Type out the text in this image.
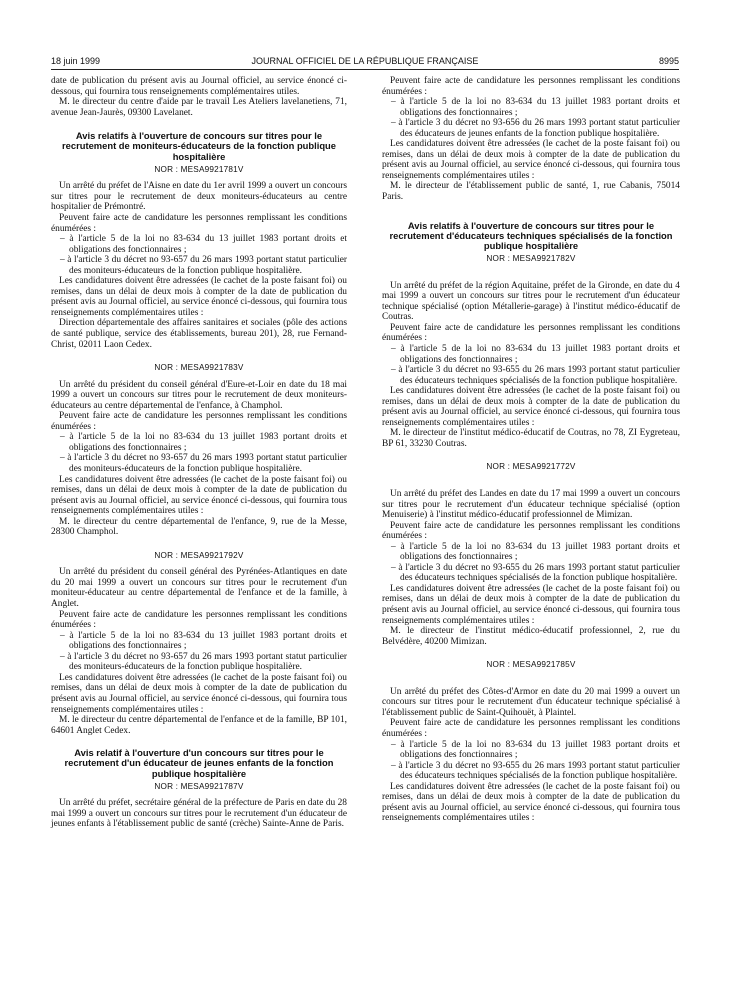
18 juin 1999	JOURNAL OFFICIEL DE LA RÉPUBLIQUE FRANÇAISE	8995

date de publication du présent avis au Journal officiel, au service énoncé ci-dessous, qui fournira tous renseignements complémentaires utiles.

M. le directeur du centre d'aide par le travail Les Ateliers lavelanetiens, 71, avenue Jean-Jaurès, 09300 Lavelanet.

Avis relatifs à l'ouverture de concours sur titres pour le recrutement de moniteurs-éducateurs de la fonction publique hospitalière
NOR : MESA9921781V

Un arrêté du préfet de l'Aisne en date du 1er avril 1999 a ouvert un concours sur titres pour le recrutement de deux moniteurs-éducateurs au centre hospitalier de Prémontré.

Peuvent faire acte de candidature les personnes remplissant les conditions énumérées :

– à l'article 5 de la loi no 83-634 du 13 juillet 1983 portant droits et obligations des fonctionnaires ;

– à l'article 3 du décret no 93-657 du 26 mars 1993 portant statut particulier des moniteurs-éducateurs de la fonction publique hospitalière.

Les candidatures doivent être adressées (le cachet de la poste faisant foi) ou remises, dans un délai de deux mois à compter de la date de publication du présent avis au Journal officiel, au service énoncé ci-dessous, qui fournira tous renseignements complémentaires utiles :

Direction départementale des affaires sanitaires et sociales (pôle des actions de santé publique, service des établissements, bureau 201), 28, rue Fernand-Christ, 02011 Laon Cedex.

NOR : MESA9921783V

Un arrêté du président du conseil général d'Eure-et-Loir en date du 18 mai 1999 a ouvert un concours sur titres pour le recrutement de deux moniteurs-éducateurs au centre départemental de l'enfance, à Champhol.

Peuvent faire acte de candidature les personnes remplissant les conditions énumérées :

– à l'article 5 de la loi no 83-634 du 13 juillet 1983 portant droits et obligations des fonctionnaires ;

– à l'article 3 du décret no 93-657 du 26 mars 1993 portant statut particulier des moniteurs-éducateurs de la fonction publique hospitalière.

Les candidatures doivent être adressées (le cachet de la poste faisant foi) ou remises, dans un délai de deux mois à compter de la date de publication du présent avis au Journal officiel, au service énoncé ci-dessous, qui fournira tous renseignements complémentaires utiles :

M. le directeur du centre départemental de l'enfance, 9, rue de la Messe, 28300 Champhol.

NOR : MESA9921792V

Un arrêté du président du conseil général des Pyrénées-Atlantiques en date du 20 mai 1999 a ouvert un concours sur titres pour le recrutement d'un moniteur-éducateur au centre départemental de l'enfance et de la famille, à Anglet.

Peuvent faire acte de candidature les personnes remplissant les conditions énumérées :

– à l'article 5 de la loi no 83-634 du 13 juillet 1983 portant droits et obligations des fonctionnaires ;

– à l'article 3 du décret no 93-657 du 26 mars 1993 portant statut particulier des moniteurs-éducateurs de la fonction publique hospitalière.

Les candidatures doivent être adressées (le cachet de la poste faisant foi) ou remises, dans un délai de deux mois à compter de la date de publication du présent avis au Journal officiel, au service énoncé ci-dessous, qui fournira tous renseignements complémentaires utiles :

M. le directeur du centre départemental de l'enfance et de la famille, BP 101, 64601 Anglet Cedex.

Avis relatif à l'ouverture d'un concours sur titres pour le recrutement d'un éducateur de jeunes enfants de la fonction publique hospitalière
NOR : MESA9921787V

Un arrêté du préfet, secrétaire général de la préfecture de Paris en date du 28 mai 1999 a ouvert un concours sur titres pour le recrutement d'un éducateur de jeunes enfants à l'établissement public de santé (crèche) Sainte-Anne de Paris.

Peuvent faire acte de candidature les personnes remplissant les conditions énumérées :

– à l'article 5 de la loi no 83-634 du 13 juillet 1983 portant droits et obligations des fonctionnaires ;

– à l'article 3 du décret no 93-656 du 26 mars 1993 portant statut particulier des éducateurs de jeunes enfants de la fonction publique hospitalière.

Les candidatures doivent être adressées (le cachet de la poste faisant foi) ou remises, dans un délai de deux mois à compter de la date de publication du présent avis au Journal officiel, au service énoncé ci-dessous, qui fournira tous renseignements complémentaires utiles :

M. le directeur de l'établissement public de santé, 1, rue Cabanis, 75014 Paris.

Avis relatifs à l'ouverture de concours sur titres pour le recrutement d'éducateurs techniques spécialisés de la fonction publique hospitalière
NOR : MESA9921782V

Un arrêté du préfet de la région Aquitaine, préfet de la Gironde, en date du 4 mai 1999 a ouvert un concours sur titres pour le recrutement d'un éducateur technique spécialisé (option Métallerie-garage) à l'institut médico-éducatif de Coutras.

Peuvent faire acte de candidature les personnes remplissant les conditions énumérées :

– à l'article 5 de la loi no 83-634 du 13 juillet 1983 portant droits et obligations des fonctionnaires ;

– à l'article 3 du décret no 93-655 du 26 mars 1993 portant statut particulier des éducateurs techniques spécialisés de la fonction publique hospitalière.

Les candidatures doivent être adressées (le cachet de la poste faisant foi) ou remises, dans un délai de deux mois à compter de la date de publication du présent avis au Journal officiel, au service énoncé ci-dessous, qui fournira tous renseignements complémentaires utiles :

M. le directeur de l'institut médico-éducatif de Coutras, no 78, ZI Eygreteau, BP 61, 33230 Coutras.

NOR : MESA9921772V

Un arrêté du préfet des Landes en date du 17 mai 1999 a ouvert un concours sur titres pour le recrutement d'un éducateur technique spécialisé (option Menuiserie) à l'institut médico-éducatif professionnel de Mimizan.

Peuvent faire acte de candidature les personnes remplissant les conditions énumérées :

– à l'article 5 de la loi no 83-634 du 13 juillet 1983 portant droits et obligations des fonctionnaires ;

– à l'article 3 du décret no 93-655 du 26 mars 1993 portant statut particulier des éducateurs techniques spécialisés de la fonction publique hospitalière.

Les candidatures doivent être adressées (le cachet de la poste faisant foi) ou remises, dans un délai de deux mois à compter de la date de publication du présent avis au Journal officiel, au service énoncé ci-dessous, qui fournira tous renseignements complémentaires utiles :

M. le directeur de l'institut médico-éducatif professionnel, 2, rue du Belvédère, 40200 Mimizan.

NOR : MESA9921785V

Un arrêté du préfet des Côtes-d'Armor en date du 20 mai 1999 a ouvert un concours sur titres pour le recrutement d'un éducateur technique spécialisé à l'établissement public de Saint-Quihouët, à Plaintel.

Peuvent faire acte de candidature les personnes remplissant les conditions énumérées :

– à l'article 5 de la loi no 83-634 du 13 juillet 1983 portant droits et obligations des fonctionnaires ;

– à l'article 3 du décret no 93-655 du 26 mars 1993 portant statut particulier des éducateurs techniques spécialisés de la fonction publique hospitalière.

Les candidatures doivent être adressées (le cachet de la poste faisant foi) ou remises, dans un délai de deux mois à compter de la date de publication du présent avis au Journal officiel, au service énoncé ci-dessous, qui fournira tous renseignements complémentaires utiles :
